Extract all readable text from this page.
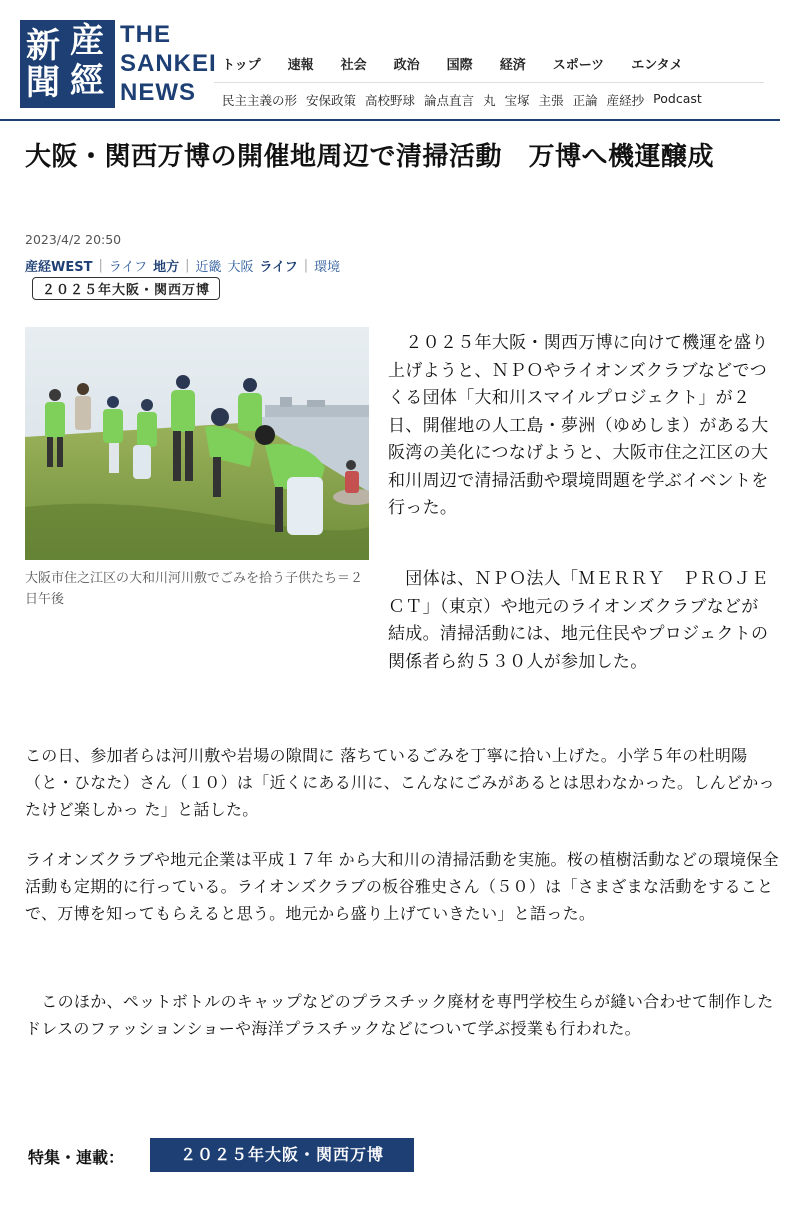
新 産
聞 經
THE
SANKEI
NEWS
トップ 速報 社会 政治 国際 経済 スポーツ エンタメ
民主主義の形 安保政策 高校野球 論点直言 丸 宝塚 主張 正論 産経抄 Podcast
大阪・関西万博の開催地周辺で清掃活動　万博へ機運醸成
2023/4/2 20:50
産経WEST | ライフ 地方 | 近畿 大阪 ライフ | 環境
２０２５年大阪・関西万博
大阪市住之江区の大和川河川敷でごみを拾う子供たち＝２日午後

　２０２５年大阪・関西万博に向けて機運を盛り上げようと、ＮＰＯやライオンズクラブなどでつくる団体「大和川スマイルプロジェクト」が２日、開催地の人工島・夢洲（ゆめしま）がある大阪湾の美化につなげようと、大阪市住之江区の大和川周辺で清掃活動や環境問題を学ぶイベントを行った。

　団体は、ＮＰＯ法人「ＭＥＲＲＹ　ＰＲＯＪＥＣＴ」（東京）や地元のライオンズクラブなどが結成。清掃活動には、地元住民やプロジェクトの関係者ら約５３０人が参加した。

この日、参加者らは河川敷や岩場の隙間に 落ちているごみを丁寧に拾い上げた。小学５年の杜明陽（と・ひなた）さん（１０）は「近くにある川に、こんなにごみがあるとは思わなかった。しんどかったけど楽しかっ た」と話した。

ライオンズクラブや地元企業は平成１７年 から大和川の清掃活動を実施。桜の植樹活動などの環境保全活動も定期的に行っている。ライオンズクラブの板谷雅史さん（５０）は「さまざまな活動をすることで、万博を知ってもらえると思う。地元から盛り上げていきたい」と語った。

　このほか、ペットボトルのキャップなどのプラスチック廃材を専門学校生らが縫い合わせて制作したドレスのファッションショーや海洋プラスチックなどについて学ぶ授業も行われた。

特集・連載：	２０２５年大阪・関西万博
